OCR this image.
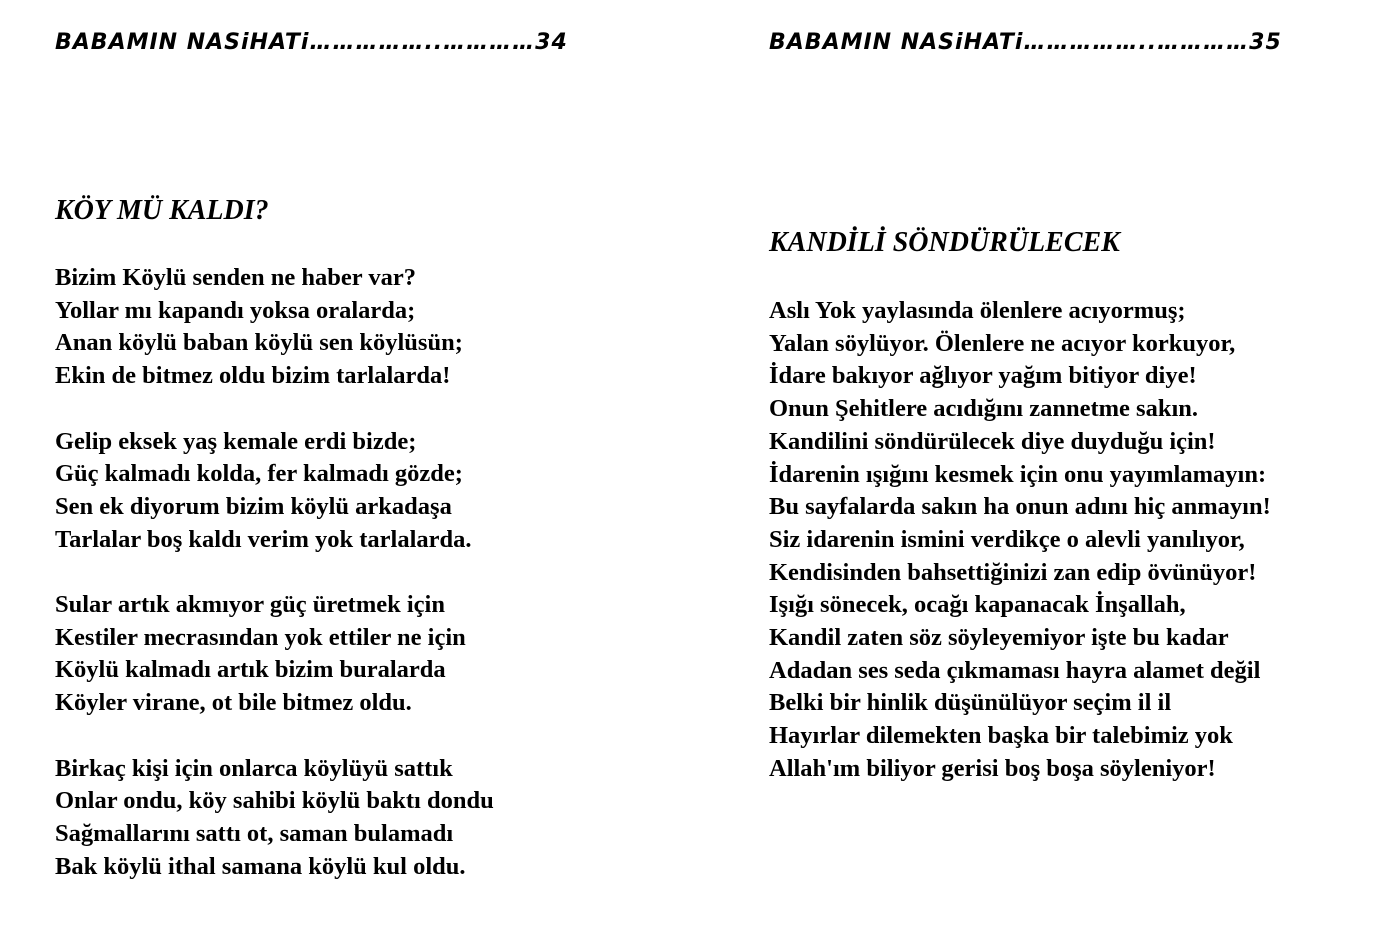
BABAMIN NASiHATi……………..…………34
KÖY MÜ KALDI?

Bizim Köylü senden ne haber var?
Yollar mı kapandı yoksa oralarda;
Anan köylü baban köylü sen köylüsün;
Ekin de bitmez oldu bizim tarlalarda!

Gelip eksek yaş kemale erdi bizde;
Güç kalmadı kolda, fer kalmadı gözde;
Sen ek diyorum bizim köylü arkadaşa
Tarlalar boş kaldı verim yok tarlalarda.

Sular artık akmıyor güç üretmek için
Kestiler mecrasından yok ettiler ne için
Köylü kalmadı artık bizim buralarda
Köyler virane, ot bile bitmez oldu.

Birkaç kişi için onlarca köylüyü sattık
Onlar ondu, köy sahibi köylü baktı dondu
Sağmallarını sattı ot, saman bulamadı
Bak köylü ithal samana köylü kul oldu.

BABAMIN NASiHATi……………..…………35
KANDİLİ SÖNDÜRÜLECEK

Aslı Yok yaylasında ölenlere acıyormuş;
Yalan söylüyor. Ölenlere ne acıyor korkuyor,
İdare bakıyor ağlıyor yağım bitiyor diye!
Onun Şehitlere acıdığını zannetme sakın.
Kandilini söndürülecek diye duyduğu için!
İdarenin ışığını kesmek için onu yayımlamayın:
Bu sayfalarda sakın ha onun adını hiç anmayın!
Siz idarenin ismini verdikçe o alevli yanılıyor,
Kendisinden bahsettiğinizi zan edip övünüyor!
Işığı sönecek, ocağı kapanacak İnşallah,
Kandil zaten söz söyleyemiyor işte bu kadar
Adadan ses seda çıkmaması hayra alamet değil
Belki bir hinlik düşünülüyor seçim il il
Hayırlar dilemekten başka bir talebimiz yok
Allah'ım biliyor gerisi boş boşa söyleniyor!
